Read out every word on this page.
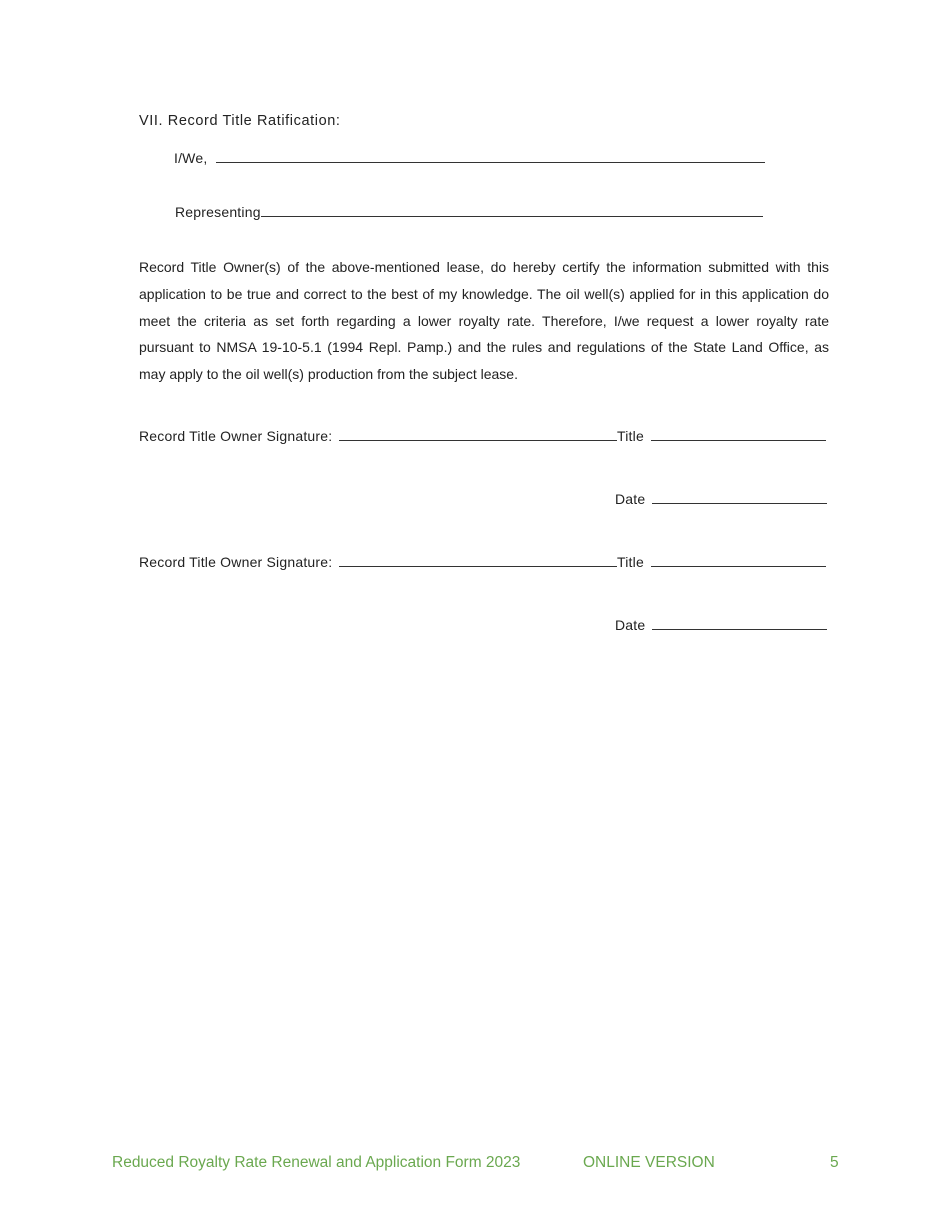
VII. Record Title Ratification:
I/We,
Representing
Record Title Owner(s) of the above-mentioned lease, do hereby certify the information submitted with this application to be true and correct to the best of my knowledge. The oil well(s) applied for in this application do meet the criteria as set forth regarding a lower royalty rate. Therefore, I/we request a lower royalty rate pursuant to NMSA 19-10-5.1 (1994 Repl. Pamp.) and the rules and regulations of the State Land Office, as may apply to the oil well(s) production from the subject lease.
Record Title Owner Signature:	Title
Date
Record Title Owner Signature:	Title
Date
Reduced Royalty Rate Renewal and Application Form 2023	ONLINE VERSION	5
